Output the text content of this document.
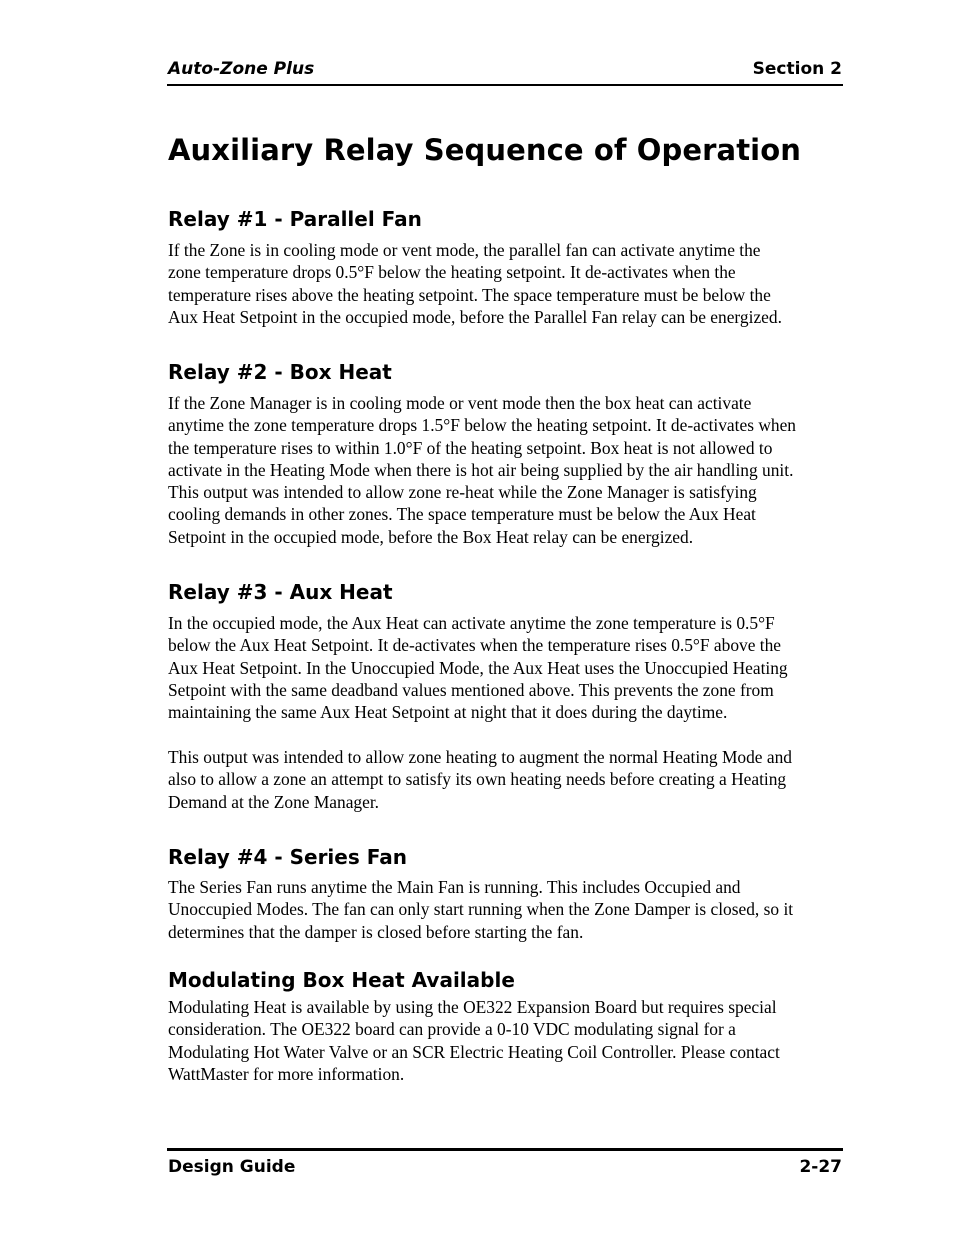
Auto-Zone Plus	Section 2
Auxiliary Relay Sequence of Operation
Relay #1 - Parallel Fan
If the Zone is in cooling mode or vent mode, the parallel fan can activate anytime the
zone temperature drops 0.5°F below the heating setpoint. It de-activates when the
temperature rises above the heating setpoint. The space temperature must be below the
Aux Heat Setpoint in the occupied mode, before the Parallel Fan relay can be energized.
Relay #2 - Box Heat
If the Zone Manager is in cooling mode or vent mode then the box heat can activate
anytime the zone temperature drops 1.5°F below the heating setpoint. It de-activates when
the temperature rises to within 1.0°F of the heating setpoint. Box heat is not allowed to
activate in the Heating Mode when there is hot air being supplied by the air handling unit.
This output was intended to allow zone re-heat while the Zone Manager is satisfying
cooling demands in other zones. The space temperature must be below the Aux Heat
Setpoint in the occupied mode, before the Box Heat relay can be energized.
Relay #3 - Aux Heat
In the occupied mode, the Aux Heat can activate anytime the zone temperature is 0.5°F
below the Aux Heat Setpoint. It de-activates when the temperature rises 0.5°F above the
Aux Heat Setpoint. In the Unoccupied Mode, the Aux Heat uses the Unoccupied Heating
Setpoint with the same deadband values mentioned above. This prevents the zone from
maintaining the same Aux Heat Setpoint at night that it does during the daytime.
This output was intended to allow zone heating to augment the normal Heating Mode and
also to allow a zone an attempt to satisfy its own heating needs before creating a Heating
Demand at the Zone Manager.
Relay #4 - Series Fan
The Series Fan runs anytime the Main Fan is running. This includes Occupied and
Unoccupied Modes. The fan can only start running when the Zone Damper is closed, so it
determines that the damper is closed before starting the fan.
Modulating Box Heat Available
Modulating Heat is available by using the OE322 Expansion Board but requires special
consideration. The OE322 board can provide a 0-10 VDC modulating signal for a
Modulating Hot Water Valve or an SCR Electric Heating Coil Controller. Please contact
WattMaster for more information.
Design Guide	2-27
